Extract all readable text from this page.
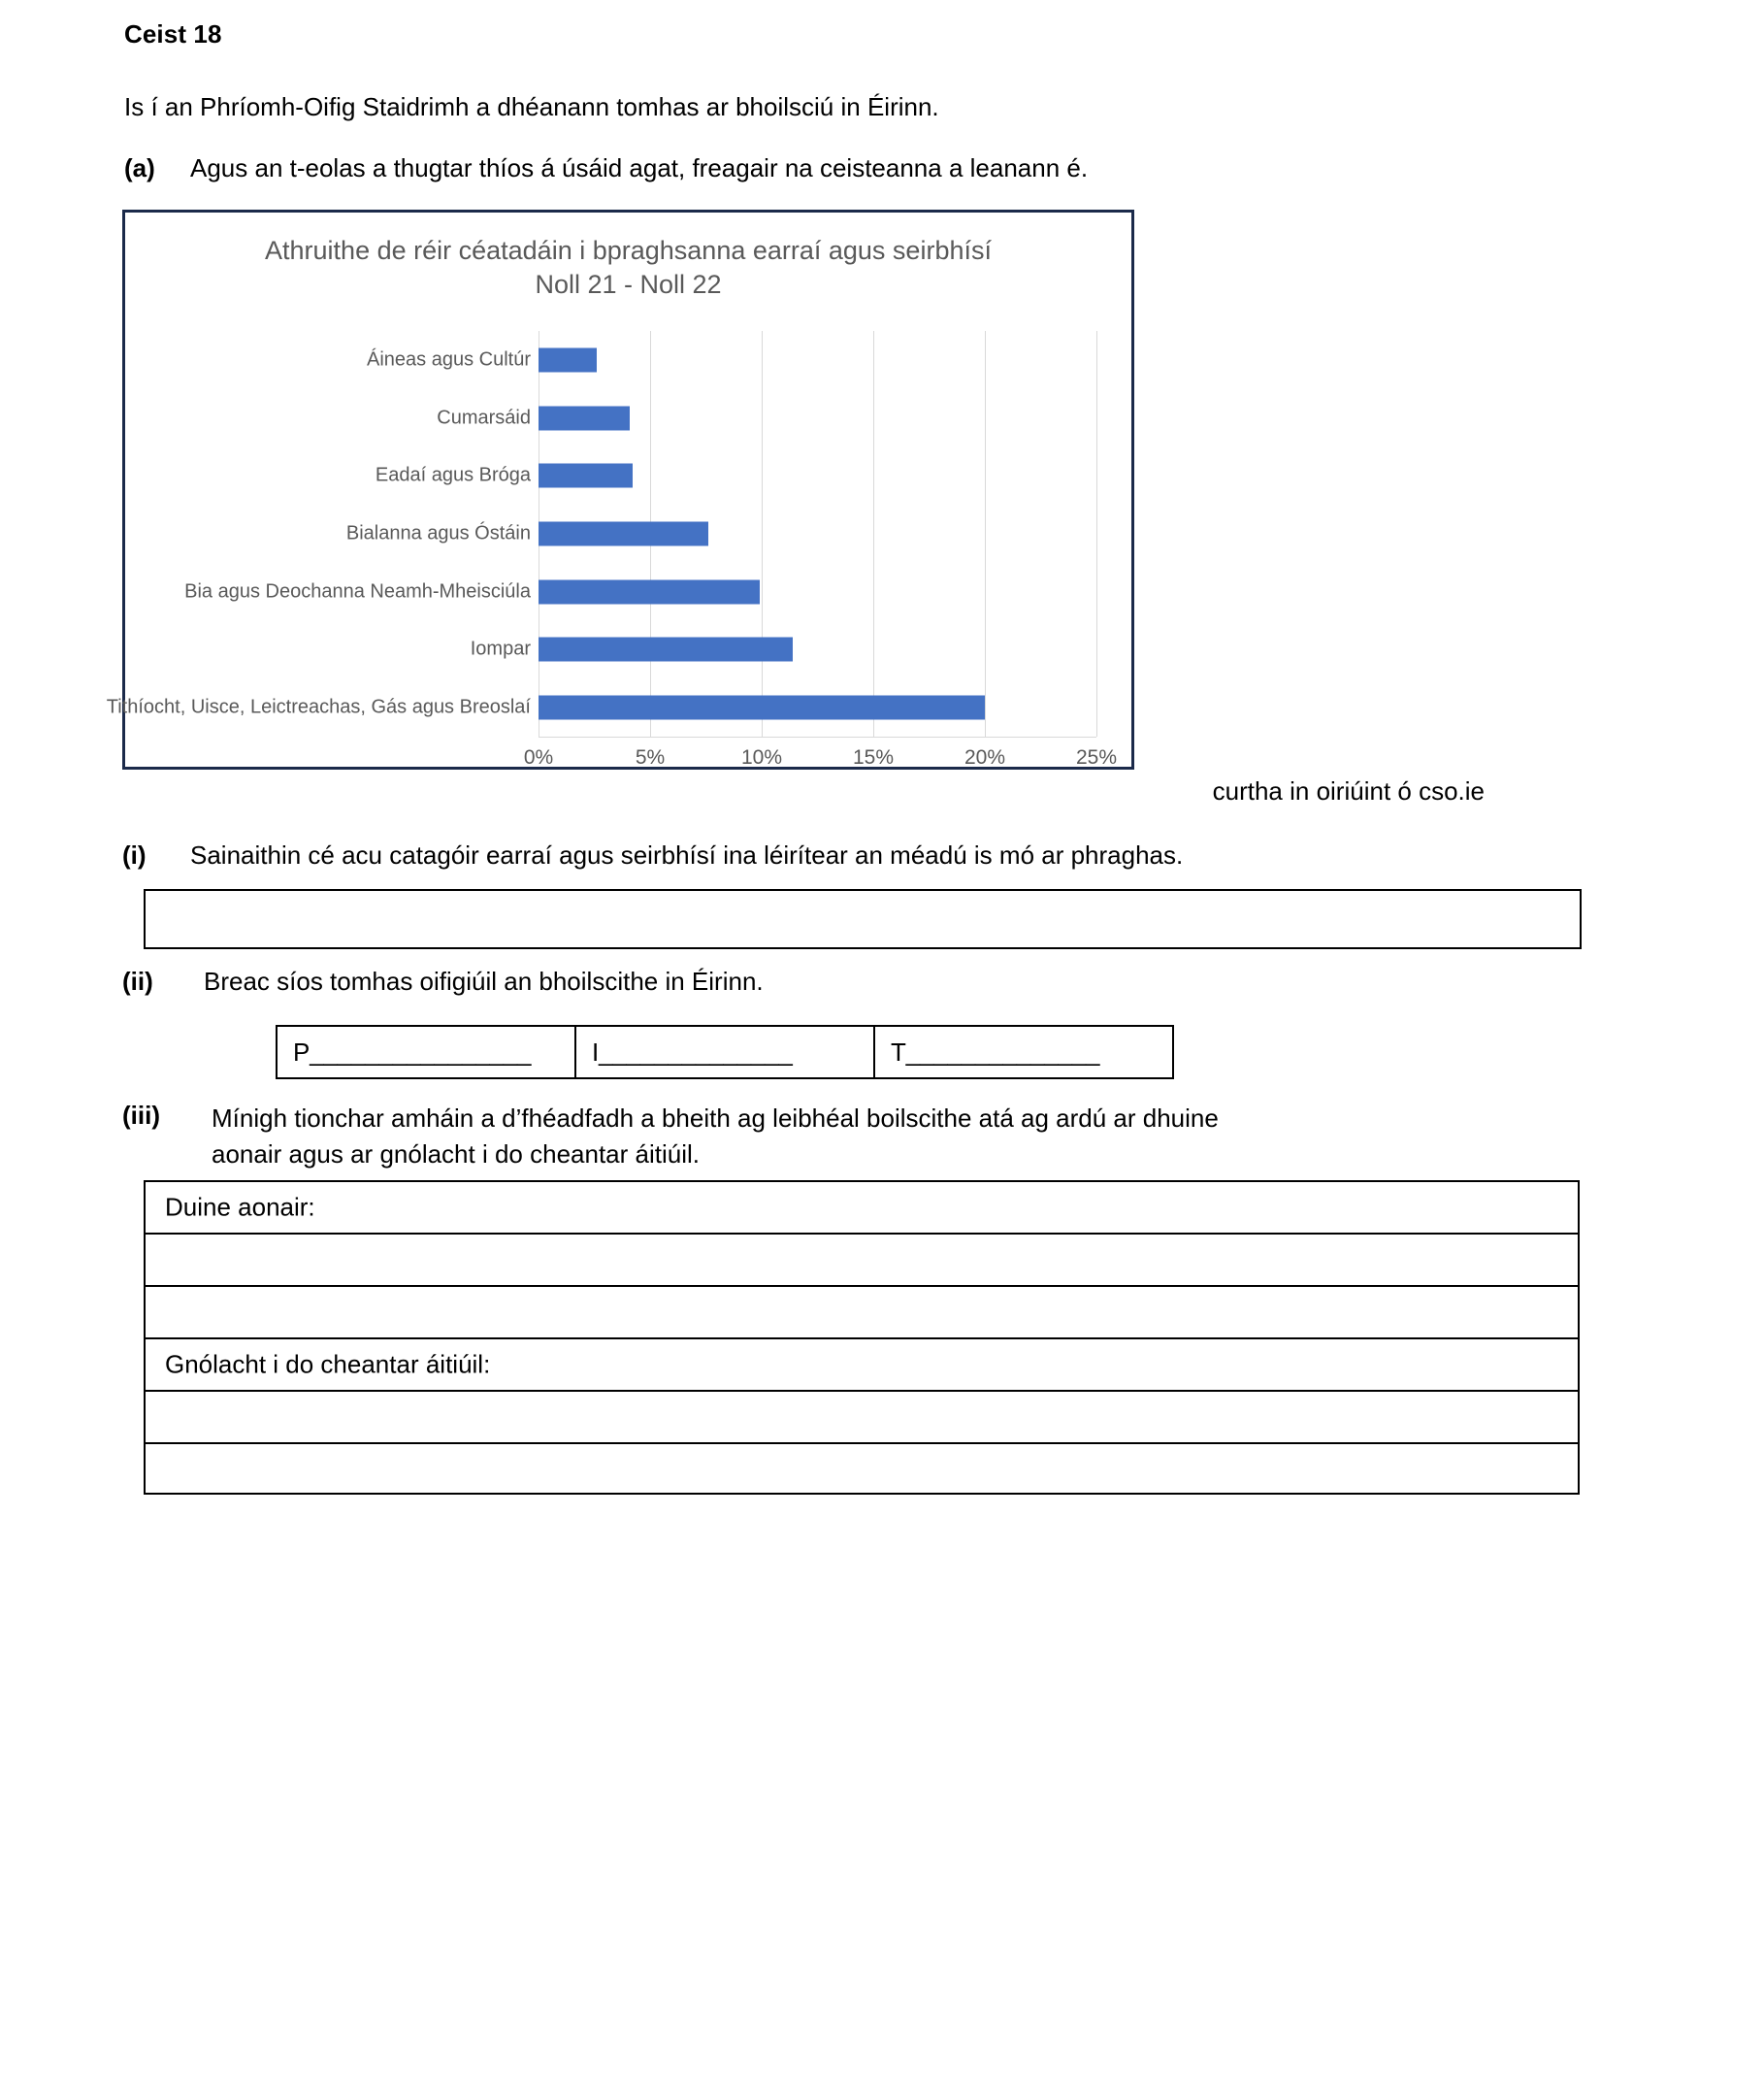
Ceist 18
Is í an Phríomh-Oifig Staidrimh a dhéanann tomhas ar bhoilsciú in Éirinn.
(a)	Agus an t-eolas a thugtar thíos á úsáid agat, freagair na ceisteanna a leanann é.
Athruithe de réir céatadáin i bpraghsanna earraí agus seirbhísí
Noll 21 - Noll 22
Áineas agus Cultúr
Cumarsáid
Eadaí agus Bróga
Bialanna agus Óstáin
Bia agus Deochanna Neamh-Mheisciúla
Iompar
Tithíocht, Uisce, Leictreachas, Gás agus Breoslaí
0%	5%	10%	15%	20%	25%
curtha in oiriúint ó cso.ie
(i)	Sainaithin cé acu catagóir earraí agus seirbhísí ina léirítear an méadú is mó ar phraghas.
(ii)	Breac síos tomhas oifigiúil an bhoilscithe in Éirinn.
P________________ I______________	T______________
(iii)	Mínigh tionchar amháin a d’fhéadfadh a bheith ag leibhéal boilscithe atá ag ardú ar dhuine
aonair agus ar gnólacht i do cheantar áitiúil.
Duine aonair:
Gnólacht i do cheantar áitiúil:
